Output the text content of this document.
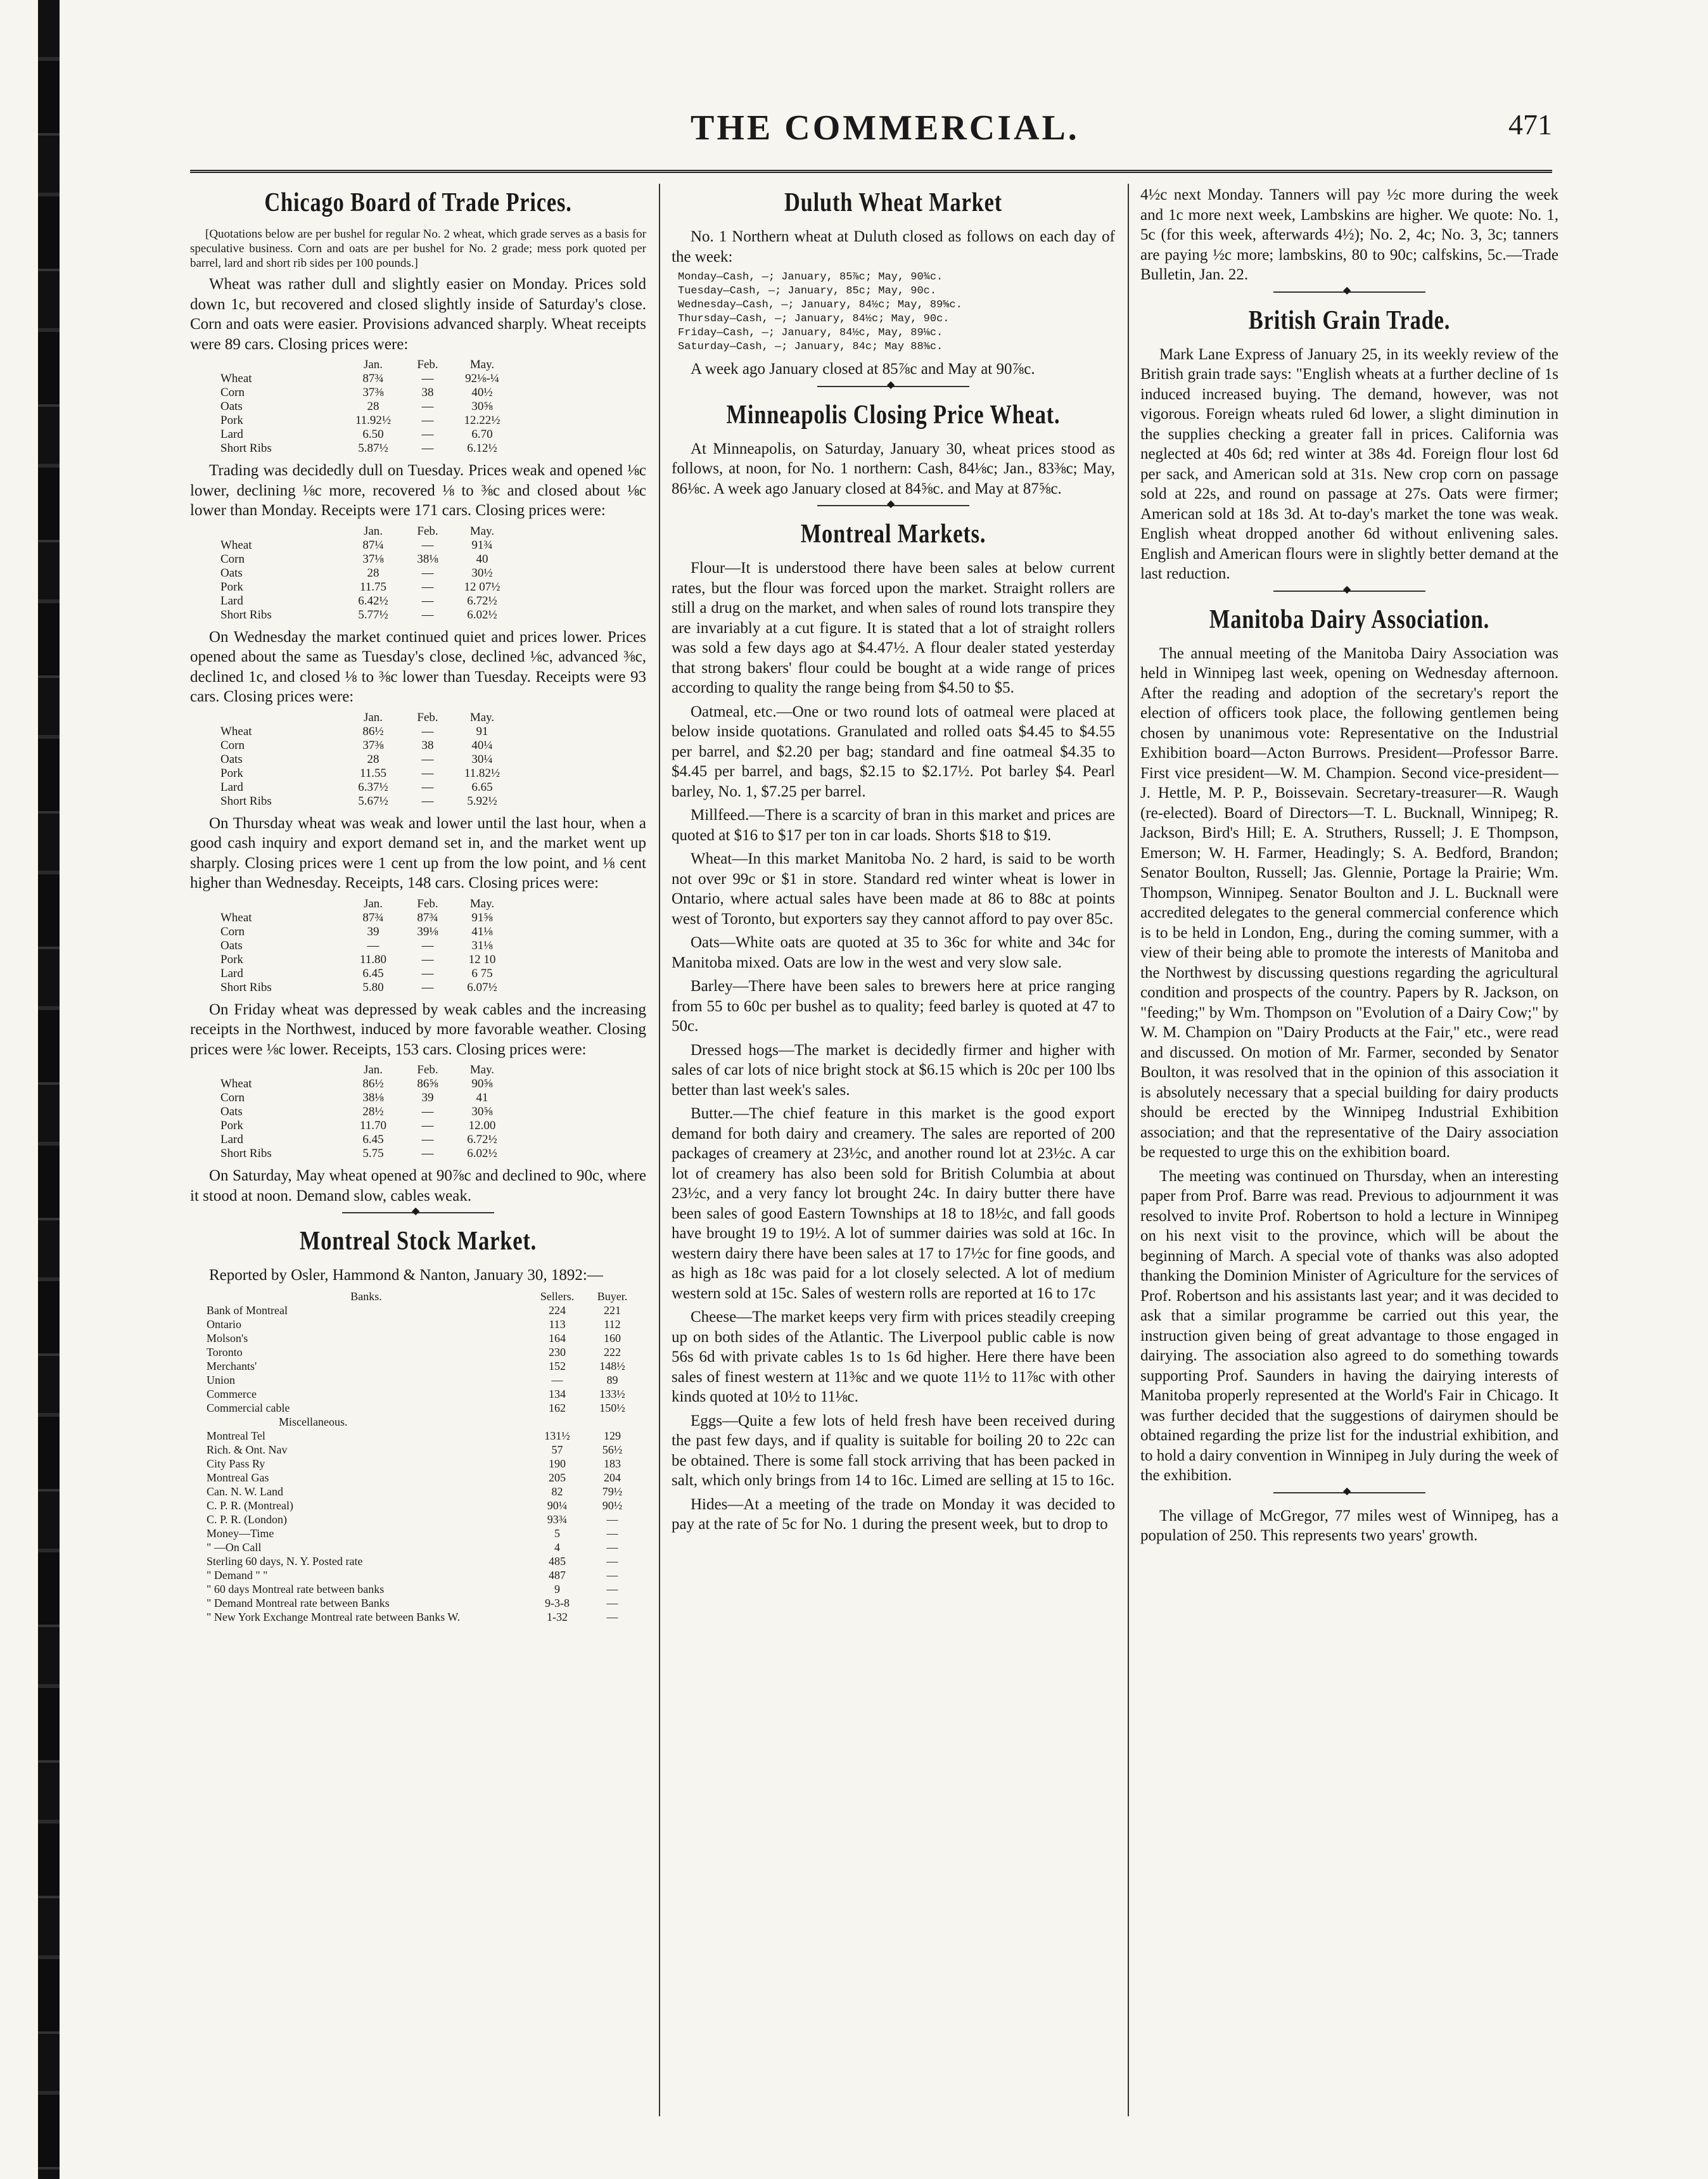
THE COMMERCIAL.	471
Chicago Board of Trade Prices.

[Quotations below are per bushel for regular No. 2 wheat, which grade serves as a basis for speculative business. Corn and oats are per bushel for No. 2 grade; mess pork quoted per barrel, lard and short rib sides per 100 pounds.]

Wheat was rather dull and slightly easier on Monday. Prices sold down 1c, but recovered and closed slightly inside of Saturday's close. Corn and oats were easier. Provisions advanced sharply. Wheat receipts were 89 cars. Closing prices were:

	Jan.	Feb.	May.
Wheat	87¾	—	92⅛-¼
Corn	37⅜	38	40½
Oats	28	—	30⅝
Pork	11.92½	—	12.22½
Lard	6.50	—	6.70
Short Ribs	5.87½	—	6.12½

Trading was decidedly dull on Tuesday. Prices weak and opened ⅛c lower, declining ⅛c more, recovered ⅛ to ⅜c and closed about ⅛c lower than Monday. Receipts were 171 cars. Closing prices were:

	Jan.	Feb.	May.
Wheat	87¼	—	91¾
Corn	37⅛	38⅛	40
Oats	28	—	30½
Pork	11.75	—	12 07½
Lard	6.42½	—	6.72½
Short Ribs	5.77½	—	6.02½

On Wednesday the market continued quiet and prices lower. Prices opened about the same as Tuesday's close, declined ⅛c, advanced ⅜c, declined 1c, and closed ⅛ to ⅜c lower than Tuesday. Receipts were 93 cars. Closing prices were:

	Jan.	Feb.	May.
Wheat	86½	—	91
Corn	37⅜	38	40¼
Oats	28	—	30¼
Pork	11.55	—	11.82½
Lard	6.37½	—	6.65
Short Ribs	5.67½	—	5.92½

On Thursday wheat was weak and lower until the last hour, when a good cash inquiry and export demand set in, and the market went up sharply. Closing prices were 1 cent up from the low point, and ⅛ cent higher than Wednesday. Receipts, 148 cars. Closing prices were:

	Jan.	Feb.	May.
Wheat	87¾	87¾	91⅝
Corn	39	39⅛	41⅛
Oats	—	—	31⅛
Pork	11.80	—	12 10
Lard	6.45	—	6 75
Short Ribs	5.80	—	6.07½

On Friday wheat was depressed by weak cables and the increasing receipts in the Northwest, induced by more favorable weather. Closing prices were ⅛c lower. Receipts, 153 cars. Closing prices were:

	Jan.	Feb.	May.
Wheat	86½	86⅝	90⅝
Corn	38⅛	39	41
Oats	28½	—	30⅝
Pork	11.70	—	12.00
Lard	6.45	—	6.72½
Short Ribs	5.75	—	6.02½

On Saturday, May wheat opened at 90⅞c and declined to 90c, where it stood at noon. Demand slow, cables weak.

◆
Montreal Stock Market.

Reported by Osler, Hammond & Nanton, January 30, 1892:—

Banks.	Sellers.	Buyer.
Bank of Montreal	224	221
Ontario	113	112
Molson's	164	160
Toronto	230	222
Merchants'	152	148½
Union	—	89
Commerce	134	133½
Commercial cable	162	150½
Miscellaneous.		
Montreal Tel	131½	129
Rich. & Ont. Nav	57	56½
City Pass Ry	190	183
Montreal Gas	205	204
Can. N. W. Land	82	79½
C. P. R. (Montreal)	90¼	90½
C. P. R. (London)	93¾	—
Money—Time	5	—
" —On Call	4	—
Sterling 60 days, N. Y. Posted rate	485	—
" Demand " "	487	—
" 60 days Montreal rate between banks	9	—
" Demand Montreal rate between Banks	9-3-8	—
" New York Exchange Montreal rate between Banks W.	1-32	—
Duluth Wheat Market

No. 1 Northern wheat at Duluth closed as follows on each day of the week:

Monday—Cash, —; January, 85⅞c; May, 90¾c.
Tuesday—Cash, —; January, 85c; May, 90c.
Wednesday—Cash, —; January, 84½c; May, 89⅝c.
Thursday—Cash, —; January, 84½c; May, 90c.
Friday—Cash, —; January, 84½c, May, 89⅛c.
Saturday—Cash, —; January, 84c; May 88⅜c.

A week ago January closed at 85⅞c and May at 90⅞c.

◆
Minneapolis Closing Price Wheat.

At Minneapolis, on Saturday, January 30, wheat prices stood as follows, at noon, for No. 1 northern: Cash, 84⅛c; Jan., 83⅜c; May, 86⅛c. A week ago January closed at 84⅝c. and May at 87⅝c.

◆
Montreal Markets.

Flour—It is understood there have been sales at below current rates, but the flour was forced upon the market. Straight rollers are still a drug on the market, and when sales of round lots transpire they are invariably at a cut figure. It is stated that a lot of straight rollers was sold a few days ago at $4.47½. A flour dealer stated yesterday that strong bakers' flour could be bought at a wide range of prices according to quality the range being from $4.50 to $5.

Oatmeal, etc.—One or two round lots of oatmeal were placed at below inside quotations. Granulated and rolled oats $4.45 to $4.55 per barrel, and $2.20 per bag; standard and fine oatmeal $4.35 to $4.45 per barrel, and bags, $2.15 to $2.17½. Pot barley $4. Pearl barley, No. 1, $7.25 per barrel.

Millfeed.—There is a scarcity of bran in this market and prices are quoted at $16 to $17 per ton in car loads. Shorts $18 to $19.

Wheat—In this market Manitoba No. 2 hard, is said to be worth not over 99c or $1 in store. Standard red winter wheat is lower in Ontario, where actual sales have been made at 86 to 88c at points west of Toronto, but exporters say they cannot afford to pay over 85c.

Oats—White oats are quoted at 35 to 36c for white and 34c for Manitoba mixed. Oats are low in the west and very slow sale.

Barley—There have been sales to brewers here at price ranging from 55 to 60c per bushel as to quality; feed barley is quoted at 47 to 50c.

Dressed hogs—The market is decidedly firmer and higher with sales of car lots of nice bright stock at $6.15 which is 20c per 100 lbs better than last week's sales.

Butter.—The chief feature in this market is the good export demand for both dairy and creamery. The sales are reported of 200 packages of creamery at 23½c, and another round lot at 23½c. A car lot of creamery has also been sold for British Columbia at about 23½c, and a very fancy lot brought 24c. In dairy butter there have been sales of good Eastern Townships at 18 to 18½c, and fall goods have brought 19 to 19½. A lot of summer dairies was sold at 16c. In western dairy there have been sales at 17 to 17½c for fine goods, and as high as 18c was paid for a lot closely selected. A lot of medium western sold at 15c. Sales of western rolls are reported at 16 to 17c

Cheese—The market keeps very firm with prices steadily creeping up on both sides of the Atlantic. The Liverpool public cable is now 56s 6d with private cables 1s to 1s 6d higher. Here there have been sales of finest western at 11⅜c and we quote 11½ to 11⅞c with other kinds quoted at 10½ to 11⅛c.

Eggs—Quite a few lots of held fresh have been received during the past few days, and if quality is suitable for boiling 20 to 22c can be obtained. There is some fall stock arriving that has been packed in salt, which only brings from 14 to 16c. Limed are selling at 15 to 16c.

Hides—At a meeting of the trade on Monday it was decided to pay at the rate of 5c for No. 1 during the present week, but to drop to

4½c next Monday. Tanners will pay ½c more during the week and 1c more next week, Lambskins are higher. We quote: No. 1, 5c (for this week, afterwards 4½); No. 2, 4c; No. 3, 3c; tanners are paying ½c more; lambskins, 80 to 90c; calfskins, 5c.—Trade Bulletin, Jan. 22.

◆
British Grain Trade.

Mark Lane Express of January 25, in its weekly review of the British grain trade says: "English wheats at a further decline of 1s induced increased buying. The demand, however, was not vigorous. Foreign wheats ruled 6d lower, a slight diminution in the supplies checking a greater fall in prices. California was neglected at 40s 6d; red winter at 38s 4d. Foreign flour lost 6d per sack, and American sold at 31s. New crop corn on passage sold at 22s, and round on passage at 27s. Oats were firmer; American sold at 18s 3d. At to-day's market the tone was weak. English wheat dropped another 6d without enlivening sales. English and American flours were in slightly better demand at the last reduction.

◆
Manitoba Dairy Association.

The annual meeting of the Manitoba Dairy Association was held in Winnipeg last week, opening on Wednesday afternoon. After the reading and adoption of the secretary's report the election of officers took place, the following gentlemen being chosen by unanimous vote: Representative on the Industrial Exhibition board—Acton Burrows. President—Professor Barre. First vice president—W. M. Champion. Second vice-president—J. Hettle, M. P. P., Boissevain. Secretary-treasurer—R. Waugh (re-elected). Board of Directors—T. L. Bucknall, Winnipeg; R. Jackson, Bird's Hill; E. A. Struthers, Russell; J. E Thompson, Emerson; W. H. Farmer, Headingly; S. A. Bedford, Brandon; Senator Boulton, Russell; Jas. Glennie, Portage la Prairie; Wm. Thompson, Winnipeg. Senator Boulton and J. L. Bucknall were accredited delegates to the general commercial conference which is to be held in London, Eng., during the coming summer, with a view of their being able to promote the interests of Manitoba and the Northwest by discussing questions regarding the agricultural condition and prospects of the country. Papers by R. Jackson, on "feeding;" by Wm. Thompson on "Evolution of a Dairy Cow;" by W. M. Champion on "Dairy Products at the Fair," etc., were read and discussed. On motion of Mr. Farmer, seconded by Senator Boulton, it was resolved that in the opinion of this association it is absolutely necessary that a special building for dairy products should be erected by the Winnipeg Industrial Exhibition association; and that the representative of the Dairy association be requested to urge this on the exhibition board.

The meeting was continued on Thursday, when an interesting paper from Prof. Barre was read. Previous to adjournment it was resolved to invite Prof. Robertson to hold a lecture in Winnipeg on his next visit to the province, which will be about the beginning of March. A special vote of thanks was also adopted thanking the Dominion Minister of Agriculture for the services of Prof. Robertson and his assistants last year; and it was decided to ask that a similar programme be carried out this year, the instruction given being of great advantage to those engaged in dairying. The association also agreed to do something towards supporting Prof. Saunders in having the dairying interests of Manitoba properly represented at the World's Fair in Chicago. It was further decided that the suggestions of dairymen should be obtained regarding the prize list for the industrial exhibition, and to hold a dairy convention in Winnipeg in July during the week of the exhibition.

◆

The village of McGregor, 77 miles west of Winnipeg, has a population of 250. This represents two years' growth.
